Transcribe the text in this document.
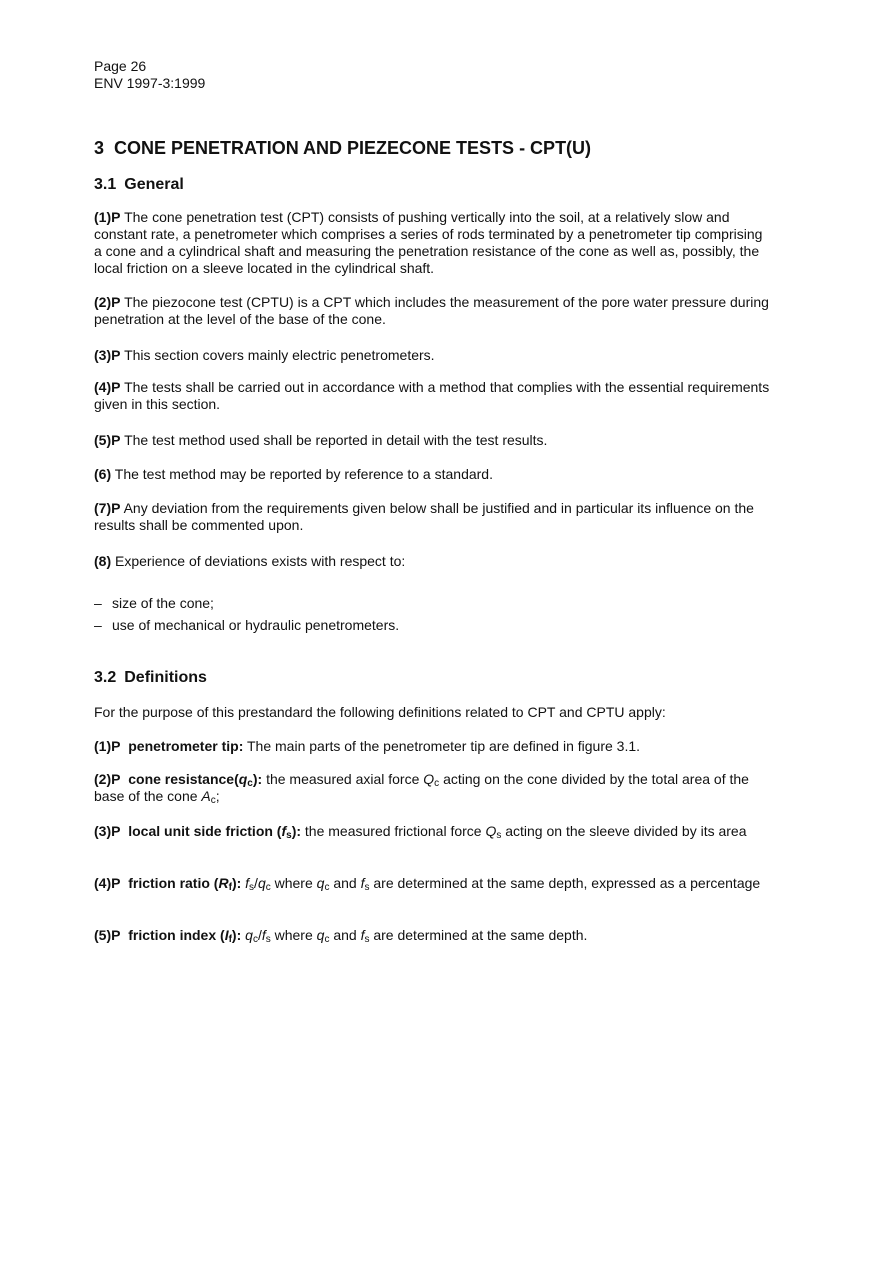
Page 26

ENV 1997-3:1999

3 CONE PENETRATION AND PIEZECONE TESTS - CPT(U)
3.1 General

(1)P The cone penetration test (CPT) consists of pushing vertically into the soil, at a relatively slow and constant rate, a penetrometer which comprises a series of rods terminated by a penetrometer tip comprising a cone and a cylindrical shaft and measuring the penetration resistance of the cone as well as, possibly, the local friction on a sleeve located in the cylindrical shaft.

(2)P The piezocone test (CPTU) is a CPT which includes the measurement of the pore water pressure during penetration at the level of the base of the cone.

(3)P This section covers mainly electric penetrometers.

(4)P The tests shall be carried out in accordance with a method that complies with the essential requirements given in this section.

(5)P The test method used shall be reported in detail with the test results.

(6) The test method may be reported by reference to a standard.

(7)P Any deviation from the requirements given below shall be justified and in particular its influence on the results shall be commented upon.

(8) Experience of deviations exists with respect to:

– size of the cone;

– use of mechanical or hydraulic penetrometers.

3.2 Definitions

For the purpose of this prestandard the following definitions related to CPT and CPTU apply:

(1)P penetrometer tip: The main parts of the penetrometer tip are defined in figure 3.1.

(2)P cone $resistance(q_c)$: the measured axial force $Q_c$ acting on the cone divided by the total area of the base of the cone $A_c$;

(3)P local unit side friction $(f_s)$: the measured frictional force $Q_s$ acting on the sleeve divided by its area

(4)P friction ratio $(R_f)$: $f_s/q_c$ where $q_c$ and $f_s$ are determined at the same depth, expressed as a percentage

(5)P friction index $(I_f)$: $q_c/f_s$ where $q_c$ and $f_s$ are determined at the same depth.
